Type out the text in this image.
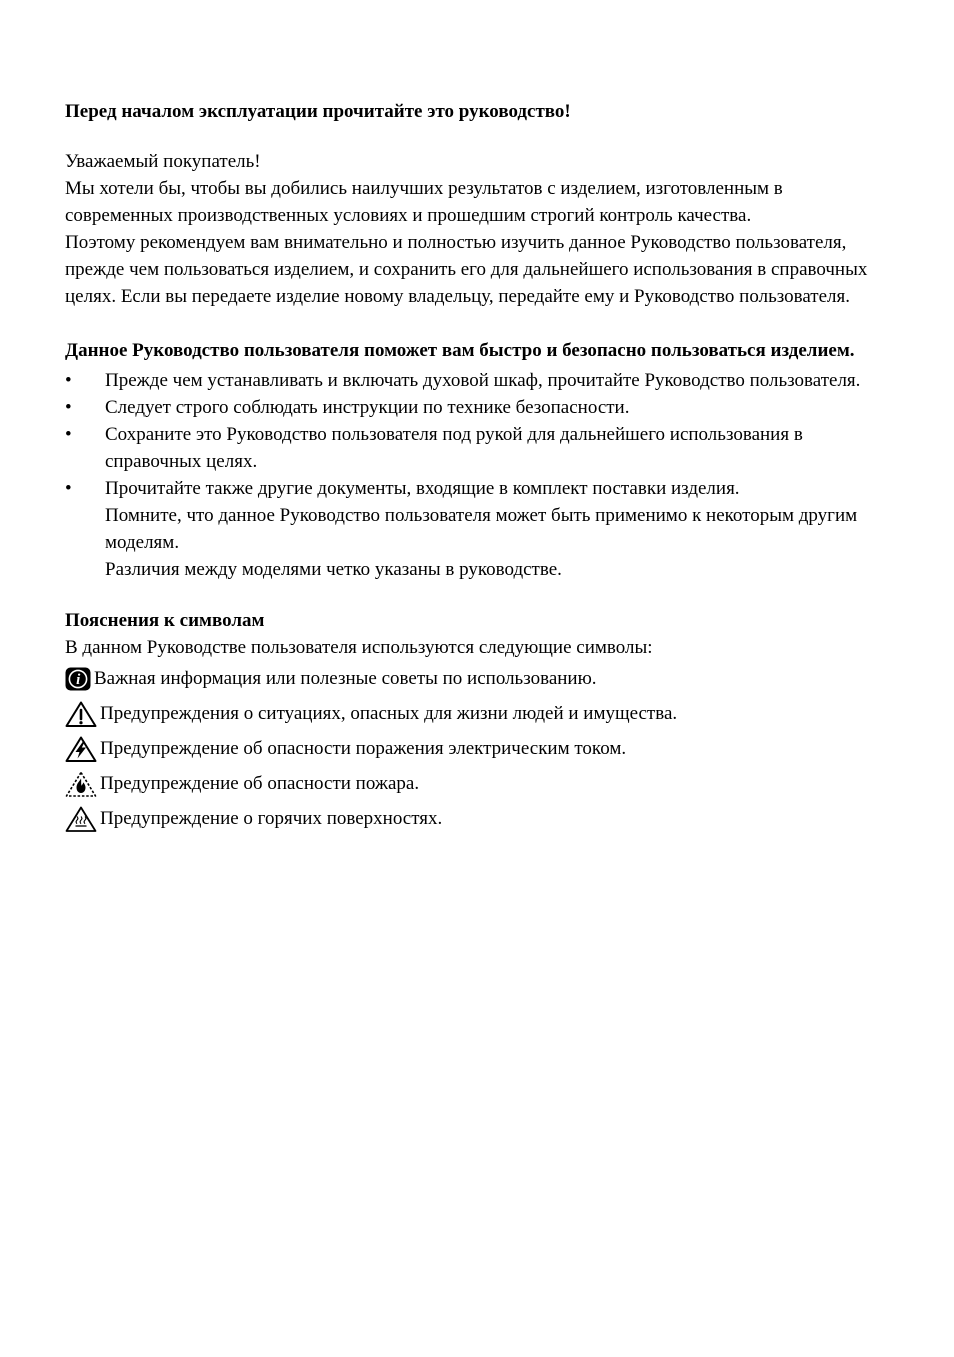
Перед началом эксплуатации прочитайте это руководство!
Уважаемый покупатель!
Мы хотели бы, чтобы вы добились наилучших результатов с изделием, изготовленным в современных производственных условиях и прошедшим строгий контроль качества.
Поэтому рекомендуем вам внимательно и полностью изучить данное Руководство пользователя, прежде чем пользоваться изделием, и сохранить его для дальнейшего использования в справочных целях. Если вы передаете изделие новому владельцу, передайте ему и Руководство пользователя.
Данное Руководство пользователя поможет вам быстро и безопасно пользоваться изделием.
•	Прежде чем устанавливать и включать духовой шкаф, прочитайте Руководство пользователя.
•	Следует строго соблюдать инструкции по технике безопасности.
•	Сохраните это Руководство пользователя под рукой для дальнейшего использования в справочных целях.
•	Прочитайте также другие документы, входящие в комплект поставки изделия.
Помните, что данное Руководство пользователя может быть применимо к некоторым другим моделям.
Различия между моделями четко указаны в руководстве.
Пояснения к символам
В данном Руководстве пользователя используются следующие символы:
i Важная информация или полезные советы по использованию.
Предупреждения о ситуациях, опасных для жизни людей и имущества.
Предупреждение об опасности поражения электрическим током.
Предупреждение об опасности пожара.
Предупреждение о горячих поверхностях.
